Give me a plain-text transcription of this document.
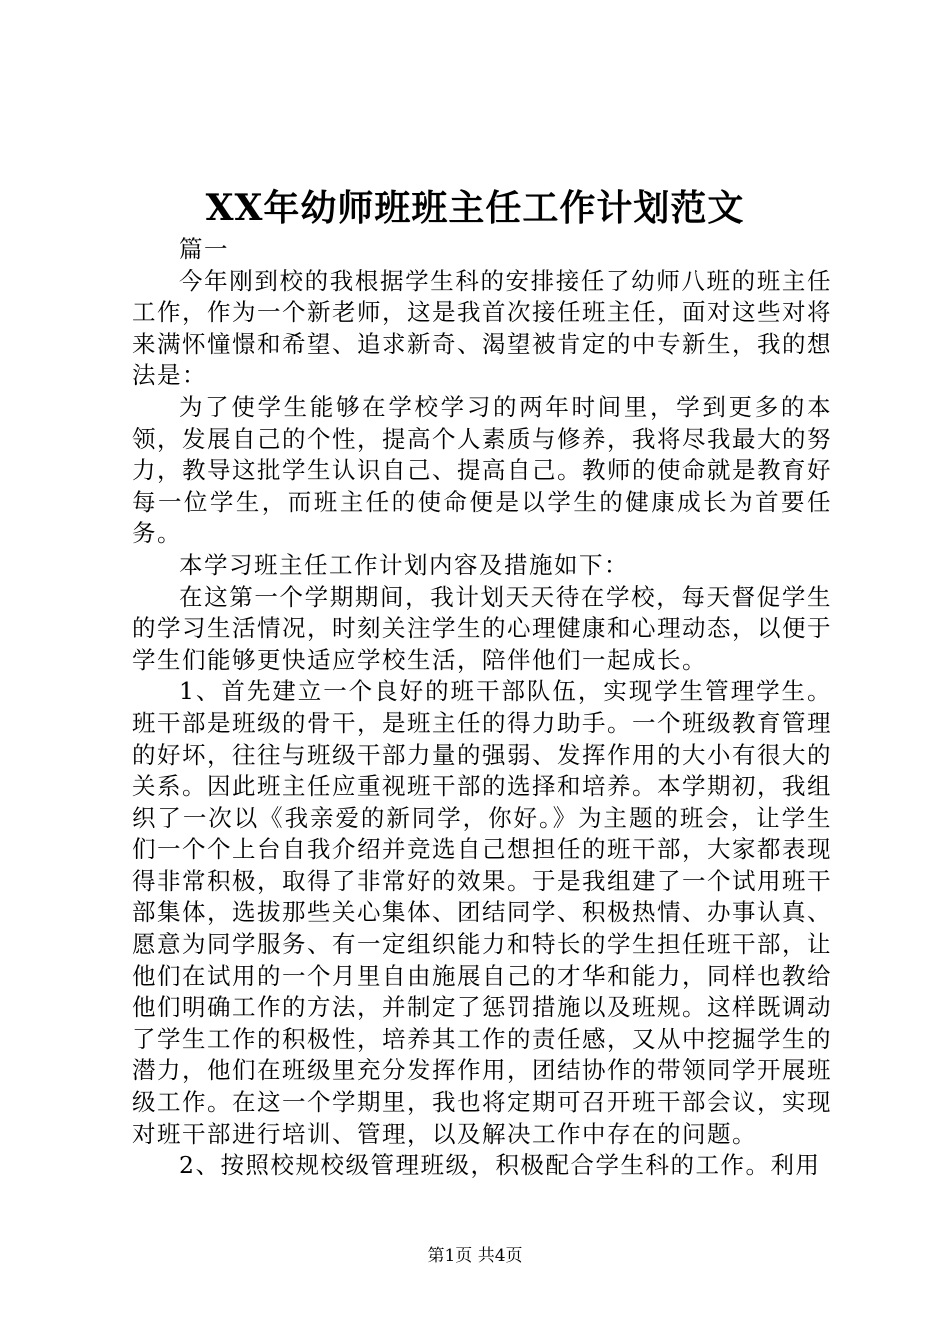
XX年幼师班班主任工作计划范文

篇一

今年刚到校的我根据学生科的安排接任了幼师八班的班主任工作，作为一个新老师，这是我首次接任班主任，面对这些对将来满怀憧憬和希望、追求新奇、渴望被肯定的中专新生，我的想法是：

为了使学生能够在学校学习的两年时间里，学到更多的本领，发展自己的个性，提高个人素质与修养，我将尽我最大的努力，教导这批学生认识自己、提高自己。教师的使命就是教育好每一位学生，而班主任的使命便是以学生的健康成长为首要任务。

本学习班主任工作计划内容及措施如下：

在这第一个学期期间，我计划天天待在学校，每天督促学生的学习生活情况，时刻关注学生的心理健康和心理动态，以便于学生们能够更快适应学校生活，陪伴他们一起成长。

1、首先建立一个良好的班干部队伍，实现学生管理学生。班干部是班级的骨干，是班主任的得力助手。一个班级教育管理的好坏，往往与班级干部力量的强弱、发挥作用的大小有很大的关系。因此班主任应重视班干部的选择和培养。本学期初，我组织了一次以《我亲爱的新同学，你好。》为主题的班会，让学生们一个个上台自我介绍并竞选自己想担任的班干部，大家都表现得非常积极，取得了非常好的效果。于是我组建了一个试用班干部集体，选拔那些关心集体、团结同学、积极热情、办事认真、愿意为同学服务、有一定组织能力和特长的学生担任班干部，让他们在试用的一个月里自由施展自己的才华和能力，同样也教给他们明确工作的方法，并制定了惩罚措施以及班规。这样既调动了学生工作的积极性，培养其工作的责任感，又从中挖掘学生的潜力，他们在班级里充分发挥作用，团结协作的带领同学开展班级工作。在这一个学期里，我也将定期可召开班干部会议，实现对班干部进行培训、管理，以及解决工作中存在的问题。

2、按照校规校级管理班级，积极配合学生科的工作。利用

第1页 共4页
